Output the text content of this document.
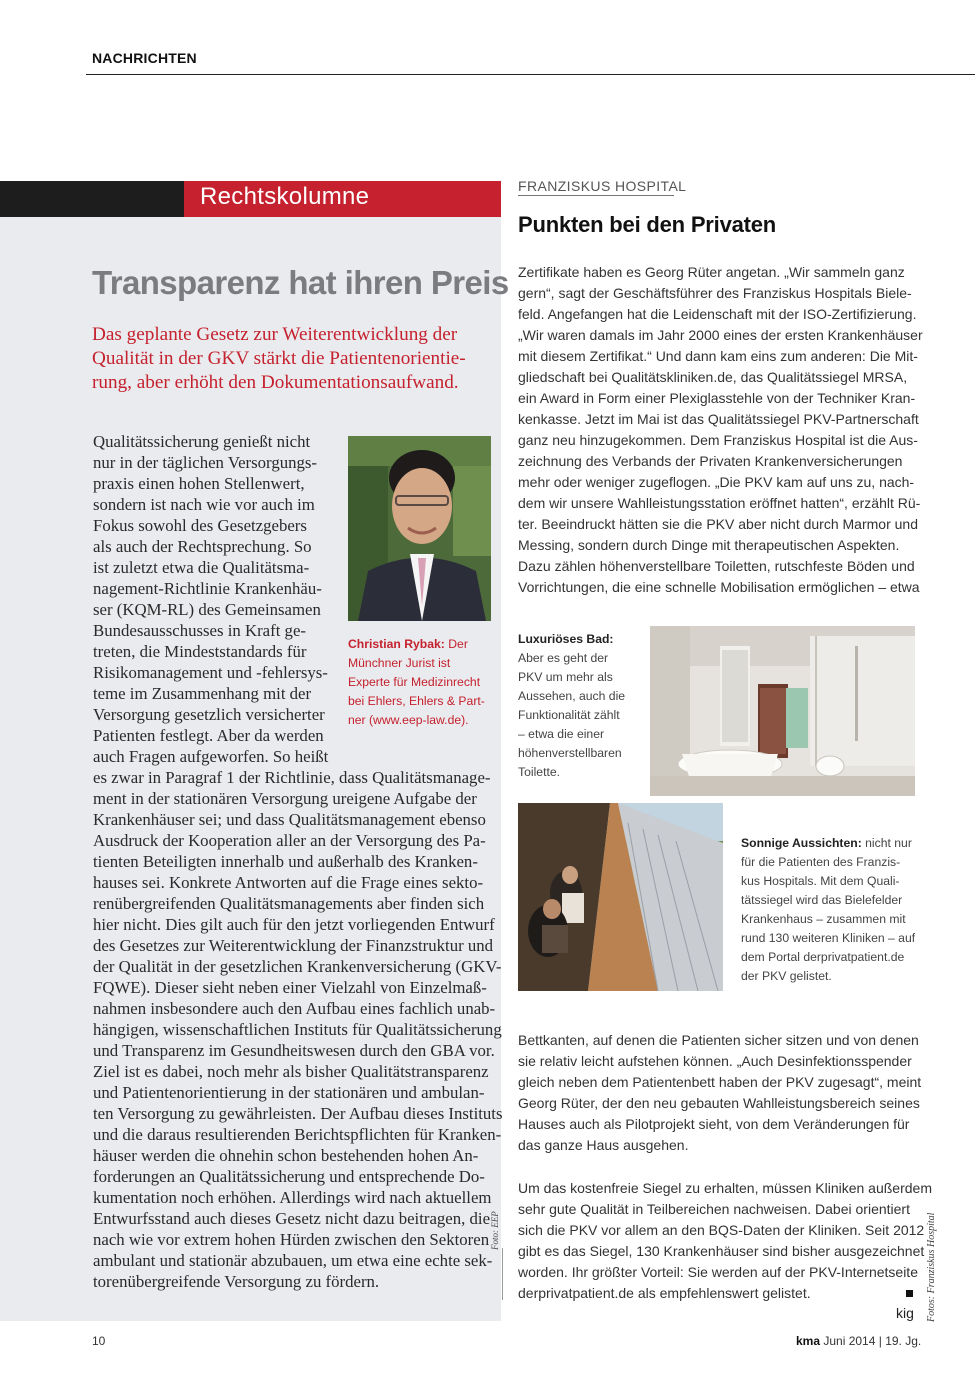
NACHRICHTEN
Rechtskolumne
Transparenz hat ihren Preis
Das geplante Gesetz zur Weiterentwicklung der
Qualität in der GKV stärkt die Patientenorientie-
rung, aber erhöht den Dokumentationsaufwand.
Qualitätssicherung genießt nicht
nur in der täglichen Versorgungs-
praxis einen hohen Stellenwert,
sondern ist nach wie vor auch im
Fokus sowohl des Gesetzgebers
als auch der Rechtsprechung. So
ist zuletzt etwa die Qualitätsma-
nagement-Richtlinie Krankenhäu-
ser (KQM-RL) des Gemeinsamen
Bundesausschusses in Kraft ge-
treten, die Mindeststandards für
Risikomanagement und -fehlersys-
teme im Zusammenhang mit der
Versorgung gesetzlich versicherter
Patienten festlegt. Aber da werden
auch Fragen aufgeworfen. So heißt
es zwar in Paragraf 1 der Richtlinie, dass Qualitätsmanage-
ment in der stationären Versorgung ureigene Aufgabe der
Krankenhäuser sei; und dass Qualitätsmanagement ebenso
Ausdruck der Kooperation aller an der Versorgung des Pa-
tienten Beteiligten innerhalb und außerhalb des Kranken-
hauses sei. Konkrete Antworten auf die Frage eines sekto-
renübergreifenden Qualitätsmanagements aber finden sich
hier nicht. Dies gilt auch für den jetzt vorliegenden Entwurf
des Gesetzes zur Weiterentwicklung der Finanzstruktur und
der Qualität in der gesetzlichen Krankenversicherung (GKV-
FQWE). Dieser sieht neben einer Vielzahl von Einzelmaß-
nahmen insbesondere auch den Aufbau eines fachlich unab-
hängigen, wissenschaftlichen Instituts für Qualitätssicherung
und Transparenz im Gesundheitswesen durch den GBA vor.
Ziel ist es dabei, noch mehr als bisher Qualitätstransparenz
und Patientenorientierung in der stationären und ambulan-
ten Versorgung zu gewährleisten. Der Aufbau dieses Instituts
und die daraus resultierenden Berichtspflichten für Kranken-
häuser werden die ohnehin schon bestehenden hohen An-
forderungen an Qualitätssicherung und entsprechende Do-
kumentation noch erhöhen. Allerdings wird nach aktuellem
Entwurfsstand auch dieses Gesetz nicht dazu beitragen, die
nach wie vor extrem hohen Hürden zwischen den Sektoren
ambulant und stationär abzubauen, um etwa eine echte sek-
torenübergreifende Versorgung zu fördern.
Christian Rybak: Der
Münchner Jurist ist
Experte für Medizinrecht
bei Ehlers, Ehlers & Part-
ner (www.eep-law.de).
Foto: EEP
FRANZISKUS HOSPITAL
Punkten bei den Privaten
Zertifikate haben es Georg Rüter angetan. „Wir sammeln ganz
gern“, sagt der Geschäftsführer des Franziskus Hospitals Biele-
feld. Angefangen hat die Leidenschaft mit der ISO-Zertifizierung.
„Wir waren damals im Jahr 2000 eines der ersten Krankenhäuser
mit diesem Zertifikat.“ Und dann kam eins zum anderen: Die Mit-
gliedschaft bei Qualitätskliniken.de, das Qualitätssiegel MRSA,
ein Award in Form einer Plexiglasstehle von der Techniker Kran-
kenkasse. Jetzt im Mai ist das Qualitätssiegel PKV-Partnerschaft
ganz neu hinzugekommen. Dem Franziskus Hospital ist die Aus-
zeichnung des Verbands der Privaten Krankenversicherungen
mehr oder weniger zugeflogen. „Die PKV kam auf uns zu, nach-
dem wir unsere Wahlleistungsstation eröffnet hatten“, erzählt Rü-
ter. Beeindruckt hätten sie die PKV aber nicht durch Marmor und
Messing, sondern durch Dinge mit therapeutischen Aspekten.
Dazu zählen höhenverstellbare Toiletten, rutschfeste Böden und
Vorrichtungen, die eine schnelle Mobilisation ermöglichen – etwa
Luxuriöses Bad:
Aber es geht der
PKV um mehr als
Aussehen, auch die
Funktionalität zählt
– etwa die einer
höhenverstellbaren
Toilette.
Sonnige Aussichten: nicht nur
für die Patienten des Franzis-
kus Hospitals. Mit dem Quali-
tätssiegel wird das Bielefelder
Krankenhaus – zusammen mit
rund 130 weiteren Kliniken – auf
dem Portal derprivatpatient.de
der PKV gelistet.
Bettkanten, auf denen die Patienten sicher sitzen und von denen
sie relativ leicht aufstehen können. „Auch Desinfektionsspender
gleich neben dem Patientenbett haben der PKV zugesagt“, meint
Georg Rüter, der den neu gebauten Wahlleistungsbereich seines
Hauses auch als Pilotprojekt sieht, von dem Veränderungen für
das ganze Haus ausgehen.
Um das kostenfreie Siegel zu erhalten, müssen Kliniken außerdem
sehr gute Qualität in Teilbereichen nachweisen. Dabei orientiert
sich die PKV vor allem an den BQS-Daten der Kliniken. Seit 2012
gibt es das Siegel, 130 Krankenhäuser sind bisher ausgezeichnet
worden. Ihr größter Vorteil: Sie werden auf der PKV-Internetseite
derprivatpatient.de als empfehlenswert gelistet.
kig Fotos: Franziskus Hospital
10	kma Juni 2014 | 19. Jg.
